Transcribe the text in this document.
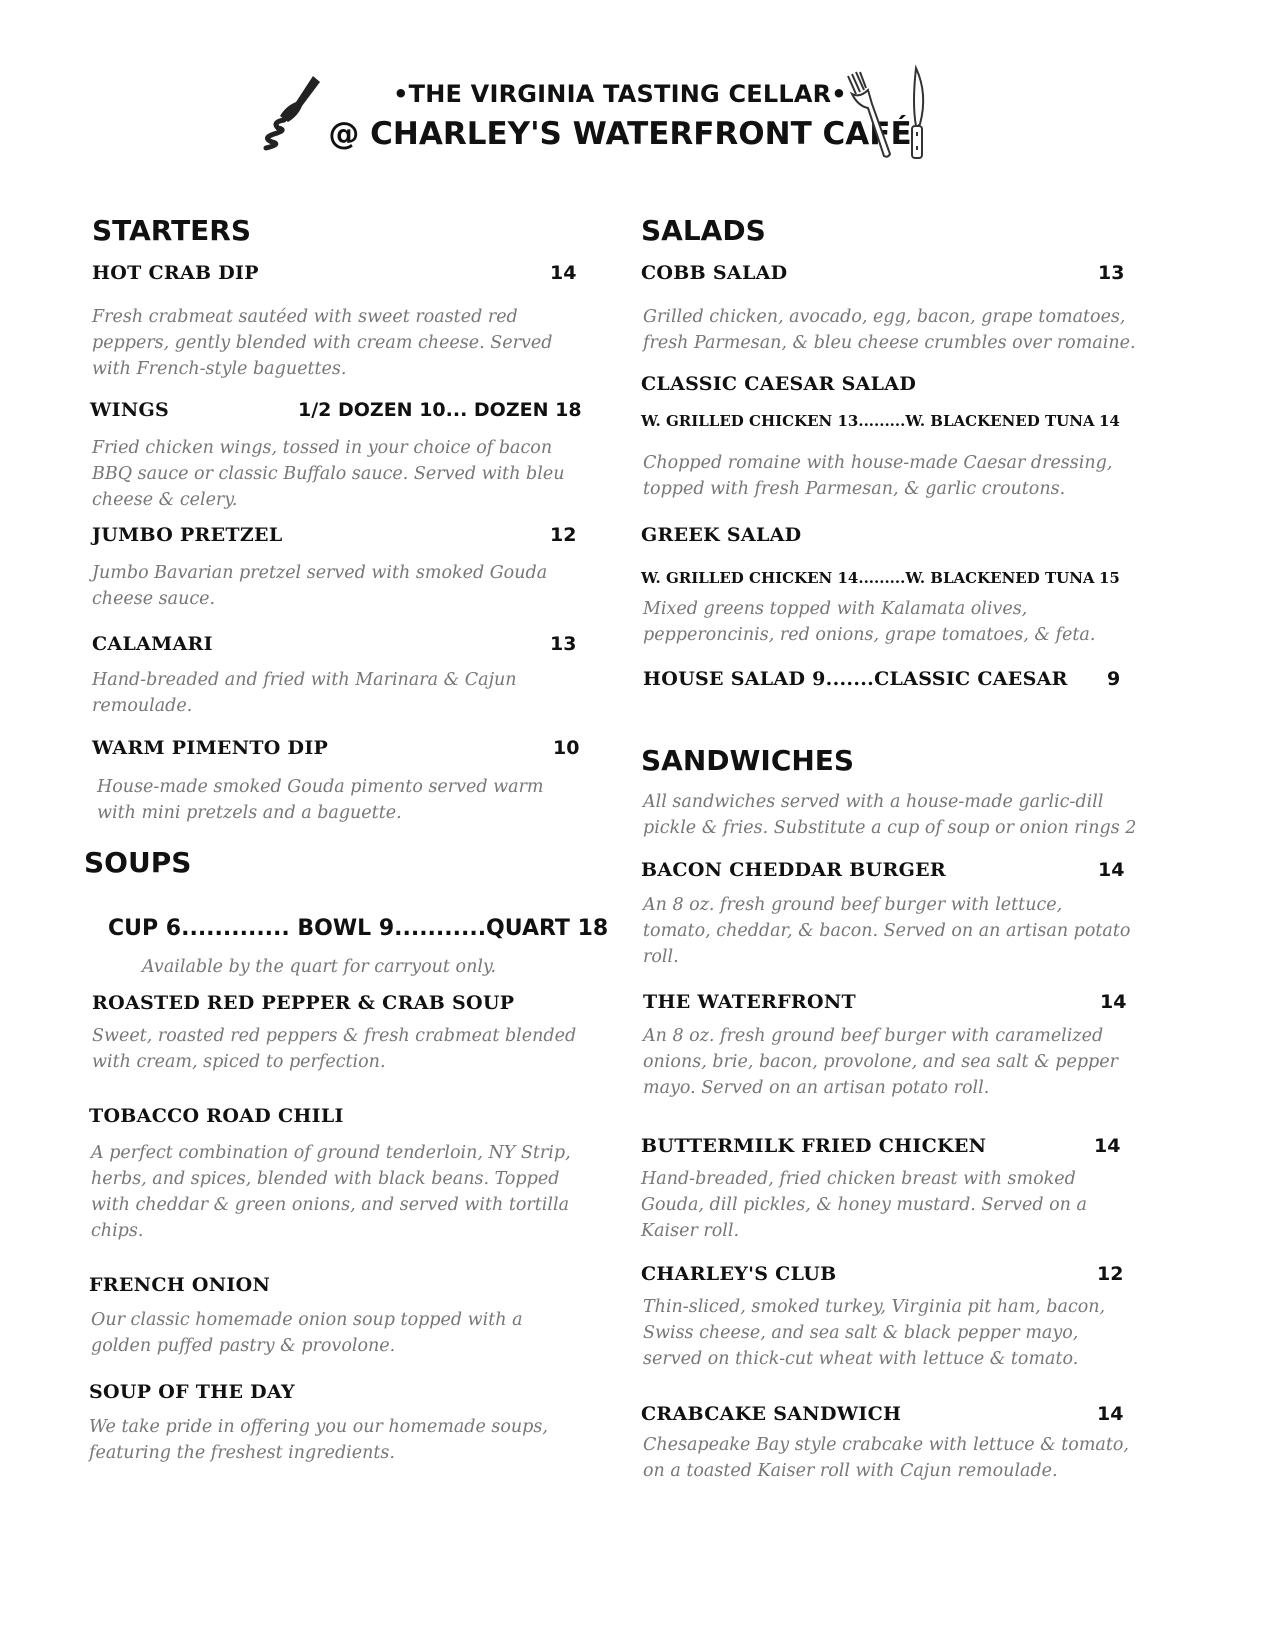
•THE VIRGINIA TASTING CELLAR•
@ CHARLEY'S WATERFRONT CAFÉ
STARTERS
HOT CRAB DIP	14
Fresh crabmeat sautéed with sweet roasted red
peppers, gently blended with cream cheese. Served
with French-style baguettes.
WINGS	1/2 DOZEN 10... DOZEN 18
Fried chicken wings, tossed in your choice of bacon
BBQ sauce or classic Buffalo sauce. Served with bleu
cheese & celery.
JUMBO PRETZEL	12
Jumbo Bavarian pretzel served with smoked Gouda
cheese sauce.
CALAMARI	13
Hand-breaded and fried with Marinara & Cajun
remoulade.
WARM PIMENTO DIP	10
House-made smoked Gouda pimento served warm
with mini pretzels and a baguette.
SOUPS
CUP 6............. BOWL 9...........QUART 18
Available by the quart for carryout only.
ROASTED RED PEPPER & CRAB SOUP
Sweet, roasted red peppers & fresh crabmeat blended
with cream, spiced to perfection.
TOBACCO ROAD CHILI
A perfect combination of ground tenderloin, NY Strip,
herbs, and spices, blended with black beans. Topped
with cheddar & green onions, and served with tortilla
chips.
FRENCH ONION
Our classic homemade onion soup topped with a
golden puffed pastry & provolone.
SOUP OF THE DAY
We take pride in offering you our homemade soups,
featuring the freshest ingredients.
SALADS
COBB SALAD	13
Grilled chicken, avocado, egg, bacon, grape tomatoes,
fresh Parmesan, & bleu cheese crumbles over romaine.
CLASSIC CAESAR SALAD
W. GRILLED CHICKEN 13.........W. BLACKENED TUNA 14
Chopped romaine with house-made Caesar dressing,
topped with fresh Parmesan, & garlic croutons.
GREEK SALAD
W. GRILLED CHICKEN 14.........W. BLACKENED TUNA 15
Mixed greens topped with Kalamata olives,
pepperoncinis, red onions, grape tomatoes, & feta.
HOUSE SALAD 9.......CLASSIC CAESAR 9
SANDWICHES
All sandwiches served with a house-made garlic-dill
pickle & fries. Substitute a cup of soup or onion rings 2
BACON CHEDDAR BURGER	14
An 8 oz. fresh ground beef burger with lettuce,
tomato, cheddar, & bacon. Served on an artisan potato
roll.
THE WATERFRONT	14
An 8 oz. fresh ground beef burger with caramelized
onions, brie, bacon, provolone, and sea salt & pepper
mayo. Served on an artisan potato roll.
BUTTERMILK FRIED CHICKEN	14
Hand-breaded, fried chicken breast with smoked
Gouda, dill pickles, & honey mustard. Served on a
Kaiser roll.
CHARLEY'S CLUB	12
Thin-sliced, smoked turkey, Virginia pit ham, bacon,
Swiss cheese, and sea salt & black pepper mayo,
served on thick-cut wheat with lettuce & tomato.
CRABCAKE SANDWICH	14
Chesapeake Bay style crabcake with lettuce & tomato,
on a toasted Kaiser roll with Cajun remoulade.
